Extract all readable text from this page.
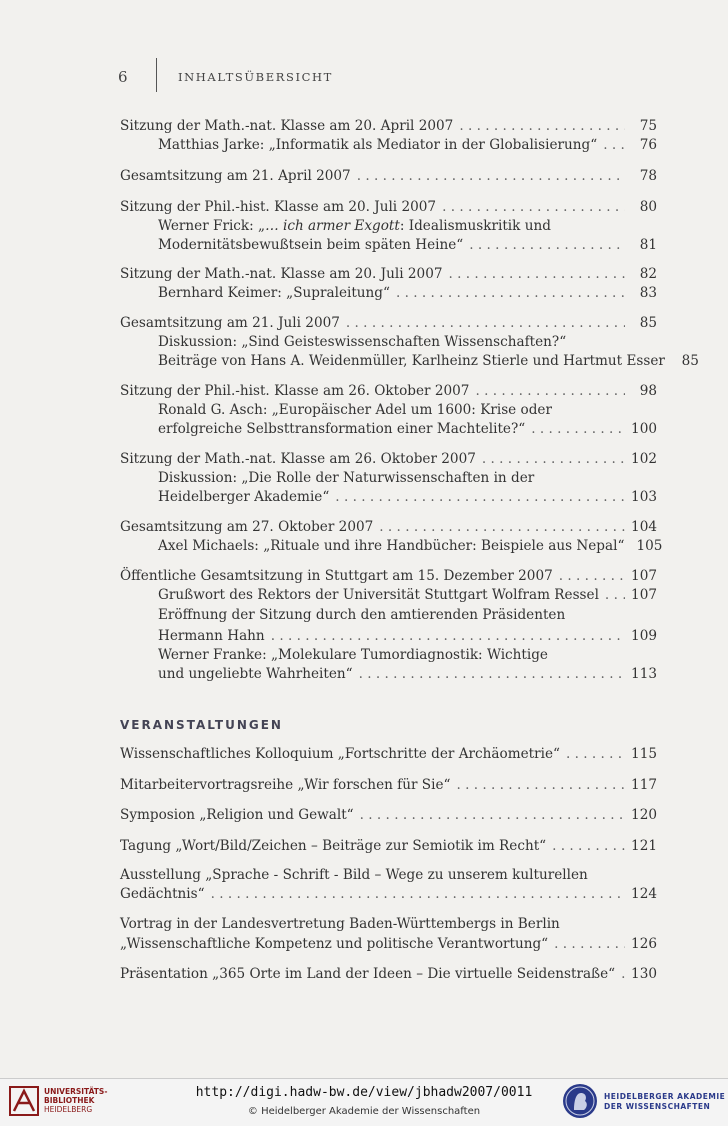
6	INHALTSÜBERSICHT
Sitzung der Math.-nat. Klasse am 20. April 2007 . . .	75
Matthias Jarke: „Informatik als Mediator in der Globalisierung“ . . .	76
Gesamtsitzung am 21. April 2007 . . .	78
Sitzung der Phil.-hist. Klasse am 20. Juli 2007 . . .	80
Werner Frick: „… ich armer Exgott: Idealismuskritik und
Modernitätsbewußtsein beim späten Heine“ . . .	81
Sitzung der Math.-nat. Klasse am 20. Juli 2007 . . .	82
Bernhard Keimer: „Supraleitung“ . . .	83
Gesamtsitzung am 21. Juli 2007 . . .	85
Diskussion: „Sind Geisteswissenschaften Wissenschaften?“
Beiträge von Hans A. Weidenmüller, Karlheinz Stierle und Hartmut Esser	85
Sitzung der Phil.-hist. Klasse am 26. Oktober 2007 . . .	98
Ronald G. Asch: „Europäischer Adel um 1600: Krise oder
erfolgreiche Selbsttransformation einer Machtelite?“ . . .	100
Sitzung der Math.-nat. Klasse am 26. Oktober 2007 . . .	102
Diskussion: „Die Rolle der Naturwissenschaften in der
Heidelberger Akademie“ . . .	103
Gesamtsitzung am 27. Oktober 2007 . . .	104
Axel Michaels: „Rituale und ihre Handbücher: Beispiele aus Nepal“ 105
Öffentliche Gesamtsitzung in Stuttgart am 15. Dezember 2007 . . .	107
Grußwort des Rektors der Universität Stuttgart Wolfram Ressel . . . 107
Eröffnung der Sitzung durch den amtierenden Präsidenten
Hermann Hahn . . .	109
Werner Franke: „Molekulare Tumordiagnostik: Wichtige
und ungeliebte Wahrheiten“ . . .	113
VERANSTALTUNGEN
Wissenschaftliches Kolloquium „Fortschritte der Archäometrie“ . . .	115
Mitarbeitervortragsreihe „Wir forschen für Sie“ . . .	117
Symposion „Religion und Gewalt“ . . .	120
Tagung „Wort/Bild/Zeichen – Beiträge zur Semiotik im Recht“ . . .	121
Ausstellung „Sprache - Schrift - Bild – Wege zu unserem kulturellen
Gedächtnis“ . . .	124
Vortrag in der Landesvertretung Baden-Württembergs in Berlin
„Wissenschaftliche Kompetenz und politische Verantwortung“ . . .	126
Präsentation „365 Orte im Land der Ideen – Die virtuelle Seidenstraße“ . . . 130
UNIVERSITÄTS-
BIBLIOTHEK
HEIDELBERG
http://digi.hadw-bw.de/view/jbhadw2007/0011
© Heidelberger Akademie der Wissenschaften
HEIDELBERGER AKADEMIE
DER WISSENSCHAFTEN
